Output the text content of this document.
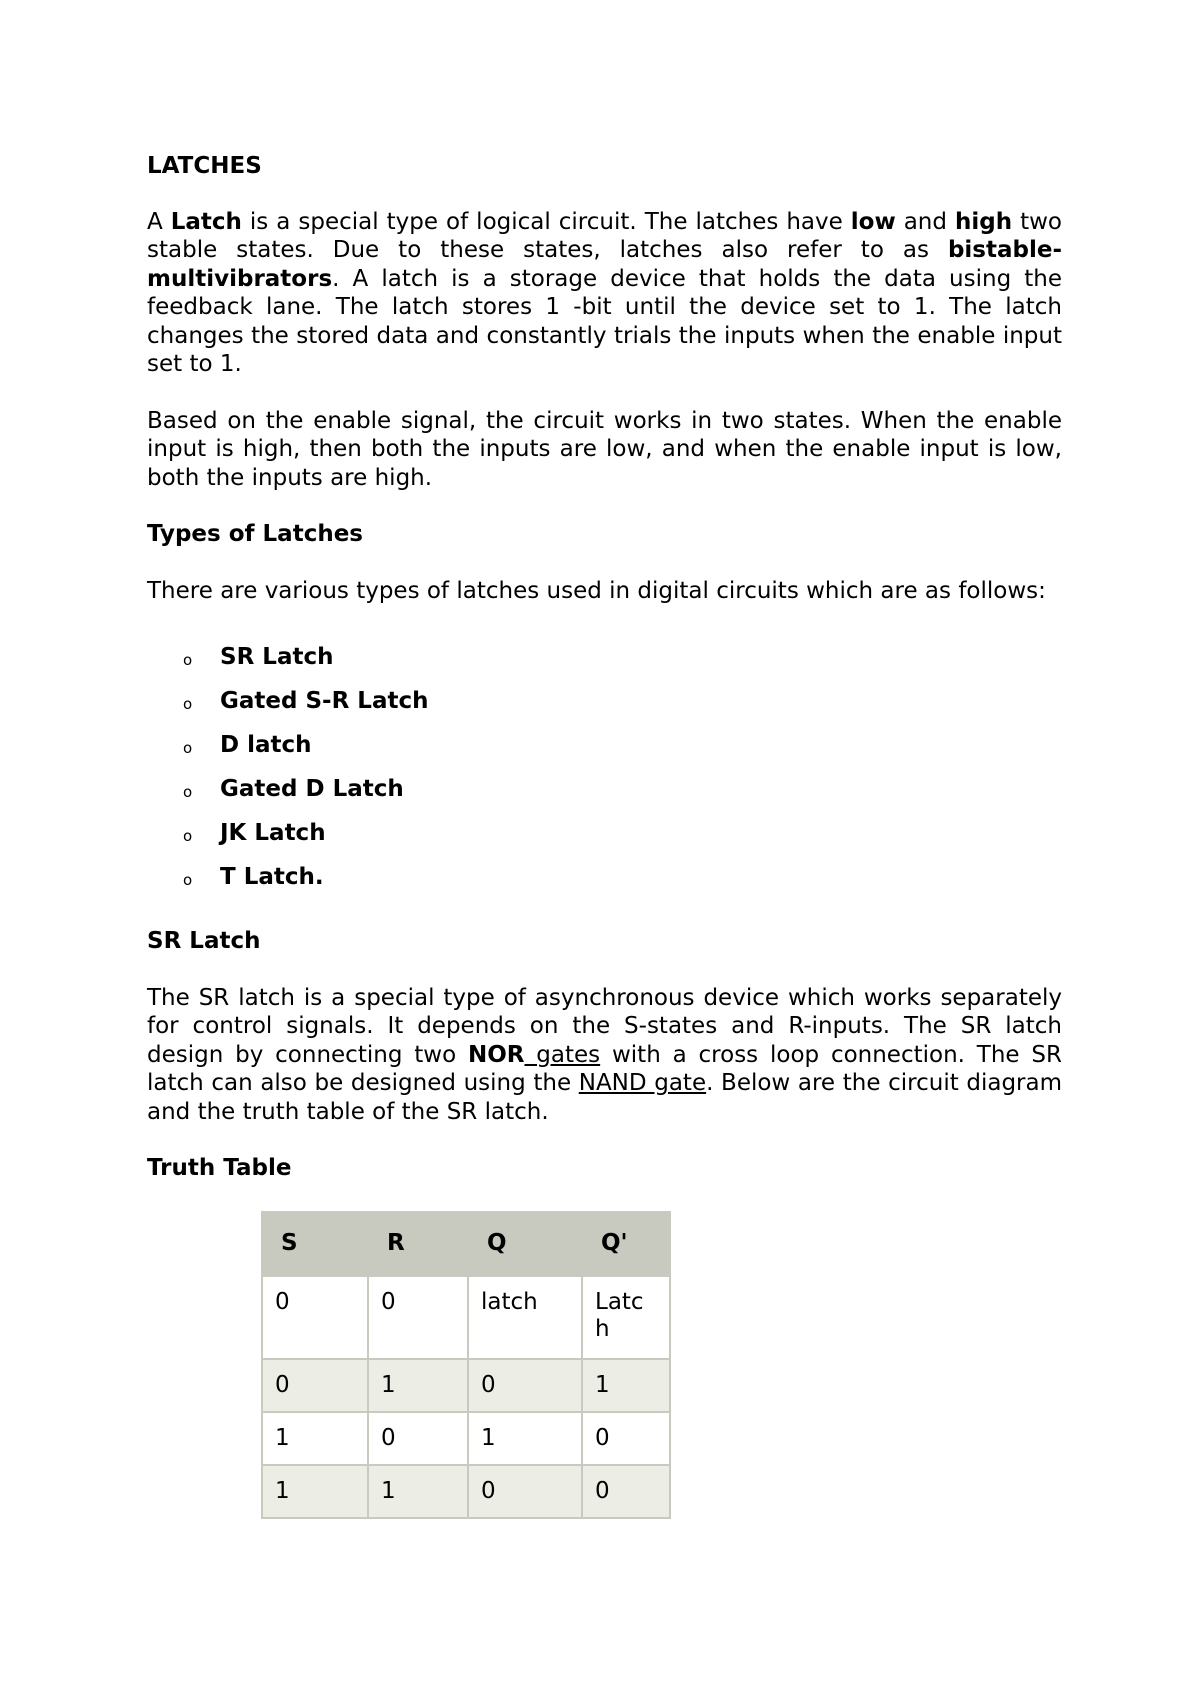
LATCHES

A Latch is a special type of logical circuit. The latches have low and high two stable states. Due to these states, latches also refer to as bistable-multivibrators. A latch is a storage device that holds the data using the feedback lane. The latch stores 1 -bit until the device set to 1. The latch changes the stored data and constantly trials the inputs when the enable input set to 1.

Based on the enable signal, the circuit works in two states. When the enable input is high, then both the inputs are low, and when the enable input is low, both the inputs are high.

Types of Latches

There are various types of latches used in digital circuits which are as follows:

o SR Latch
o Gated S-R Latch
o D latch
o Gated D Latch
o JK Latch
o T Latch.
SR Latch

The SR latch is a special type of asynchronous device which works separately for control signals. It depends on the S-states and R-inputs. The SR latch design by connecting two NOR gates with a cross loop connection. The SR latch can also be designed using the NAND gate. Below are the circuit diagram and the truth table of the SR latch.

Truth Table
S	R	Q	Q'
0	0	latch	Latc h
0	1	0	1
1	0	1	0
1	1	0	0
